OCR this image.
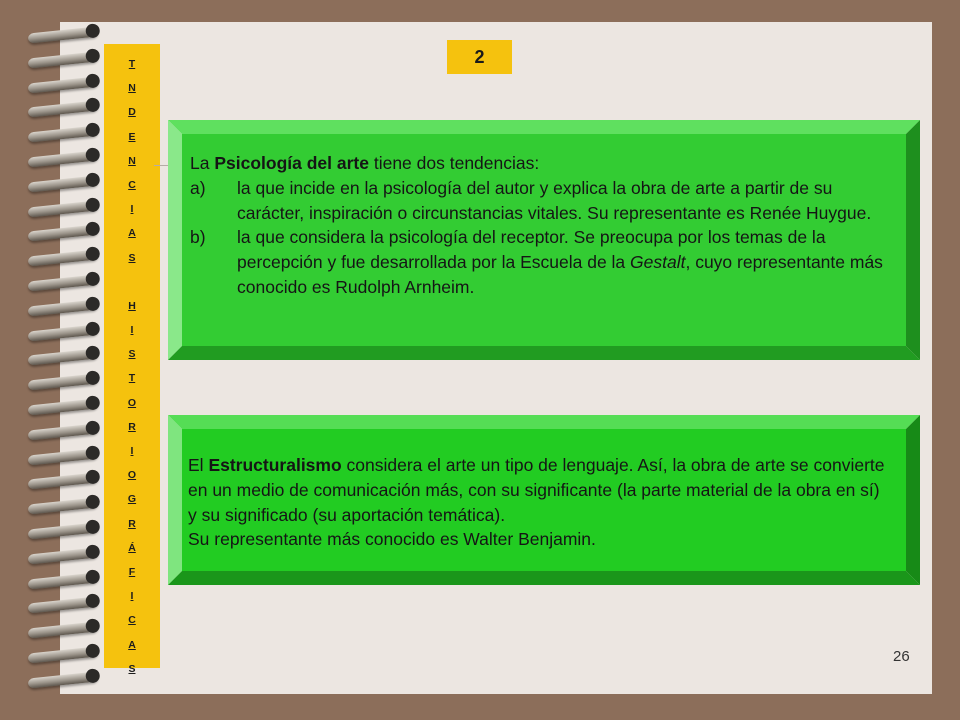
T
N
D
E
N
C
I
A
S
H
I
S
T
O
R
I
O
G
R
Á
F
I
C
A
S
2
La Psicología del arte tiene dos tendencias:
a)	la que incide en la psicología del autor y explica la obra de arte a partir de su carácter, inspiración o circunstancias vitales. Su representante es Renée Huygue.
b)	la que considera la psicología del receptor. Se preocupa por los temas de la percepción y fue desarrollada por la Escuela de la Gestalt, cuyo representante más conocido es Rudolph Arnheim.
El Estructuralismo considera el arte un tipo de lenguaje. Así, la obra de arte se convierte en un medio de comunicación más, con su significante (la parte material de la obra en sí) y su significado (su aportación temática).
Su representante más conocido es Walter Benjamin.
26
